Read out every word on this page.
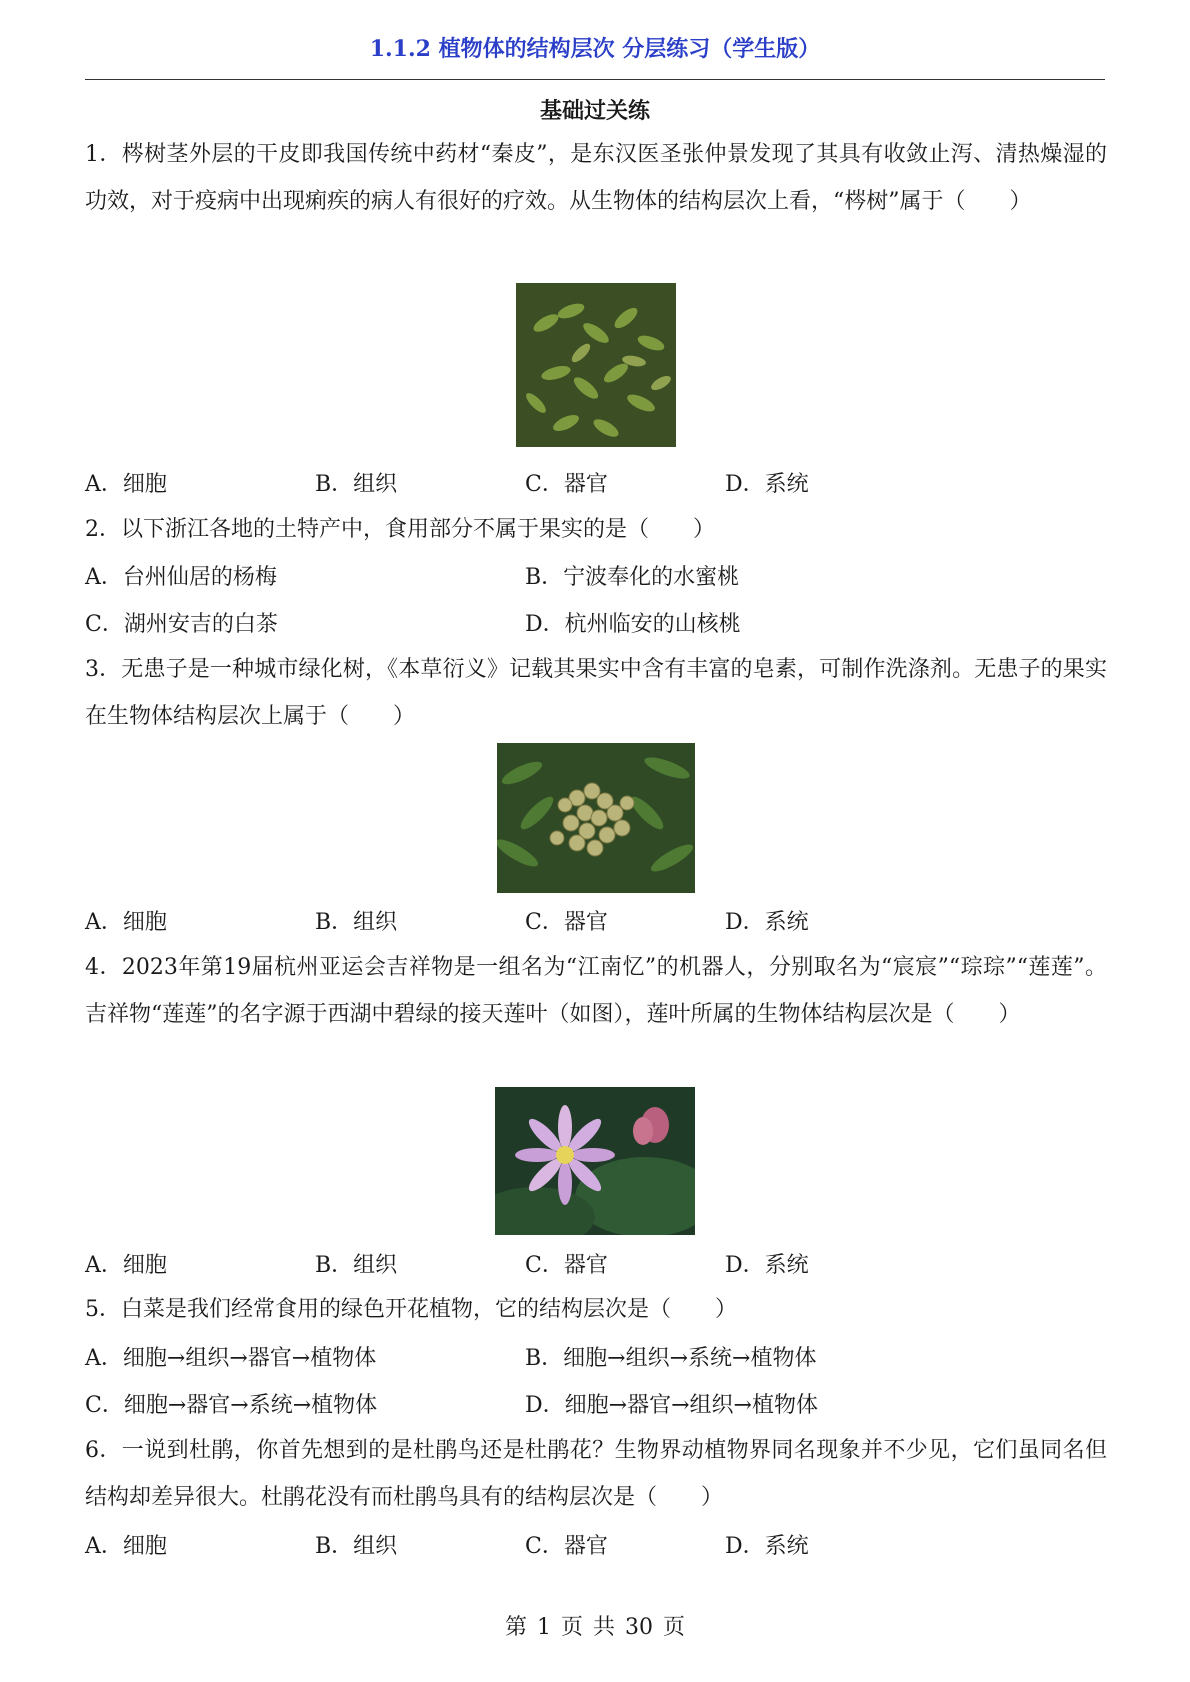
1.1.2 植物体的结构层次 分层练习（学生版）
基础过关练
1．梣树茎外层的干皮即我国传统中药材“秦皮”，是东汉医圣张仲景发现了其具有收敛止泻、清热燥湿的功效，对于疫病中出现痢疾的病人有很好的疗效。从生物体的结构层次上看，“梣树”属于（　　）
A．细胞	B．组织	C．器官	D．系统
2．以下浙江各地的土特产中，食用部分不属于果实的是（　　）
A．台州仙居的杨梅	B．宁波奉化的水蜜桃
C．湖州安吉的白茶	D．杭州临安的山核桃
3．无患子是一种城市绿化树，《本草衍义》记载其果实中含有丰富的皂素，可制作洗涤剂。无患子的果实在生物体结构层次上属于（　　）
A．细胞	B．组织	C．器官	D．系统
4．2023年第19届杭州亚运会吉祥物是一组名为“江南忆”的机器人，分别取名为“宸宸”“琮琮”“莲莲”。吉祥物“莲莲”的名字源于西湖中碧绿的接天莲叶（如图），莲叶所属的生物体结构层次是（　　）
A．细胞	B．组织	C．器官	D．系统
5．白菜是我们经常食用的绿色开花植物，它的结构层次是（　　）
A．细胞→组织→器官→植物体	B．细胞→组织→系统→植物体
C．细胞→器官→系统→植物体	D．细胞→器官→组织→植物体
6．一说到杜鹃，你首先想到的是杜鹃鸟还是杜鹃花？生物界动植物界同名现象并不少见，它们虽同名但结构却差异很大。杜鹃花没有而杜鹃鸟具有的结构层次是（　　）
A．细胞	B．组织	C．器官	D．系统
第 1 页 共 30 页
